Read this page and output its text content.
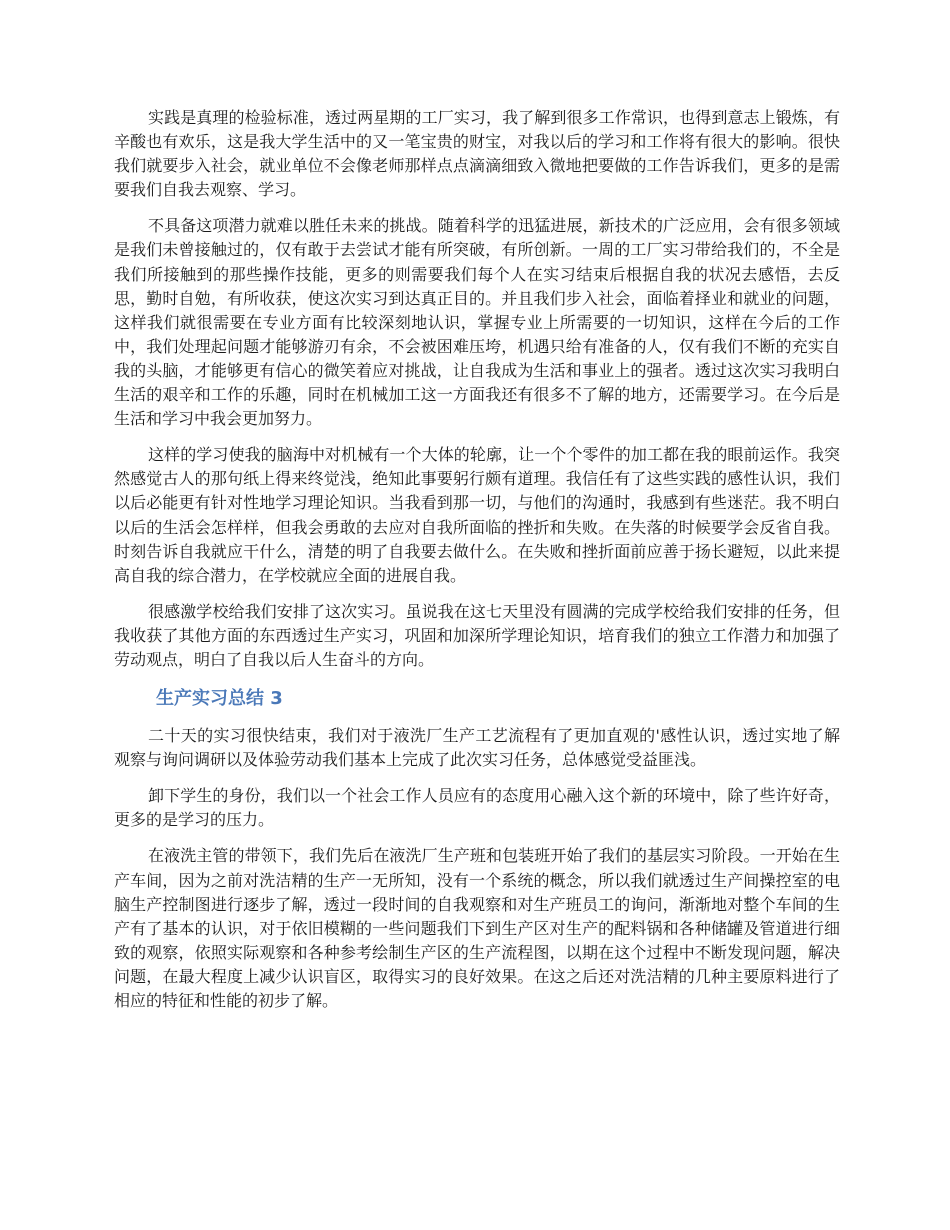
实践是真理的检验标准，透过两星期的工厂实习，我了解到很多工作常识，也得到意志上锻炼，有辛酸也有欢乐，这是我大学生活中的又一笔宝贵的财宝，对我以后的学习和工作将有很大的影响。很快我们就要步入社会，就业单位不会像老师那样点点滴滴细致入微地把要做的工作告诉我们，更多的是需要我们自我去观察、学习。

不具备这项潜力就难以胜任未来的挑战。随着科学的迅猛进展，新技术的广泛应用，会有很多领域是我们未曾接触过的，仅有敢于去尝试才能有所突破，有所创新。一周的工厂实习带给我们的，不全是我们所接触到的那些操作技能，更多的则需要我们每个人在实习结束后根据自我的状况去感悟，去反思，勤时自勉，有所收获，使这次实习到达真正目的。并且我们步入社会，面临着择业和就业的问题，这样我们就很需要在专业方面有比较深刻地认识，掌握专业上所需要的一切知识，这样在今后的工作中，我们处理起问题才能够游刃有余，不会被困难压垮，机遇只给有准备的人，仅有我们不断的充实自我的头脑，才能够更有信心的微笑着应对挑战，让自我成为生活和事业上的强者。透过这次实习我明白生活的艰辛和工作的乐趣，同时在机械加工这一方面我还有很多不了解的地方，还需要学习。在今后是生活和学习中我会更加努力。

这样的学习使我的脑海中对机械有一个大体的轮廓，让一个个零件的加工都在我的眼前运作。我突然感觉古人的那句纸上得来终觉浅，绝知此事要躬行颇有道理。我信任有了这些实践的感性认识，我们以后必能更有针对性地学习理论知识。当我看到那一切，与他们的沟通时，我感到有些迷茫。我不明白以后的生活会怎样样，但我会勇敢的去应对自我所面临的挫折和失败。在失落的时候要学会反省自我。时刻告诉自我就应干什么，清楚的明了自我要去做什么。在失败和挫折面前应善于扬长避短，以此来提高自我的综合潜力，在学校就应全面的进展自我。

很感激学校给我们安排了这次实习。虽说我在这七天里没有圆满的完成学校给我们安排的任务，但我收获了其他方面的东西透过生产实习，巩固和加深所学理论知识，培育我们的独立工作潜力和加强了劳动观点，明白了自我以后人生奋斗的方向。

生产实习总结 3

二十天的实习很快结束，我们对于液洗厂生产工艺流程有了更加直观的'感性认识，透过实地了解观察与询问调研以及体验劳动我们基本上完成了此次实习任务，总体感觉受益匪浅。

卸下学生的身份，我们以一个社会工作人员应有的态度用心融入这个新的环境中，除了些许好奇，更多的是学习的压力。

在液洗主管的带领下，我们先后在液洗厂生产班和包装班开始了我们的基层实习阶段。一开始在生产车间，因为之前对洗洁精的生产一无所知，没有一个系统的概念，所以我们就透过生产间操控室的电脑生产控制图进行逐步了解，透过一段时间的自我观察和对生产班员工的询问，渐渐地对整个车间的生产有了基本的认识，对于依旧模糊的一些问题我们下到生产区对生产的配料锅和各种储罐及管道进行细致的观察，依照实际观察和各种参考绘制生产区的生产流程图，以期在这个过程中不断发现问题，解决问题，在最大程度上减少认识盲区，取得实习的良好效果。在这之后还对洗洁精的几种主要原料进行了相应的特征和性能的初步了解。
